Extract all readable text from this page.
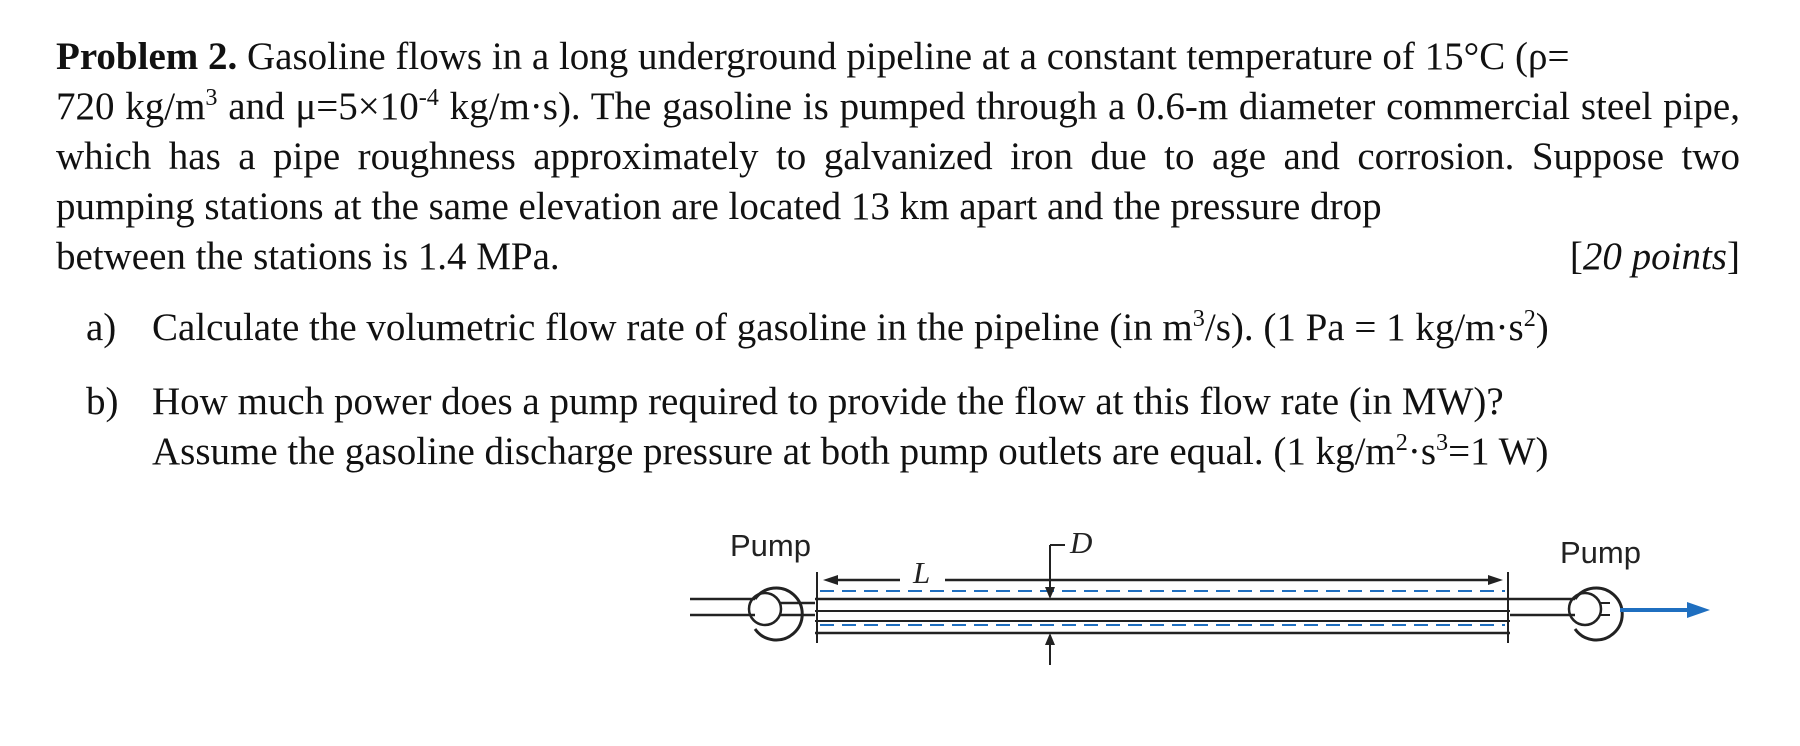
Problem 2. Gasoline flows in a long underground pipeline at a constant temperature of 15°C (ρ=
720 $kg/m^3$ and $\mu=5\times 10^{-4}$ kg/m·s). The gasoline is pumped through a 0.6-m diameter commercial steel pipe, which has a pipe roughness approximately to galvanized iron due to age and corrosion. Suppose two pumping stations at the same elevation are located 13 km apart and the pressure drop

between the stations is 1.4 MPa.	[20 points]
a) Calculate the volumetric flow rate of gasoline in the pipeline (in $m^3/s$). (1 Pa = 1 $kg/m\cdot s^2$)
b) How much power does a pump required to provide the flow at this flow rate (in MW)?
Assume the gasoline discharge pressure at both pump outlets are equal. (1 $kg/m^2\cdot s^3=1$ W)
Pump	Pump
L
D
